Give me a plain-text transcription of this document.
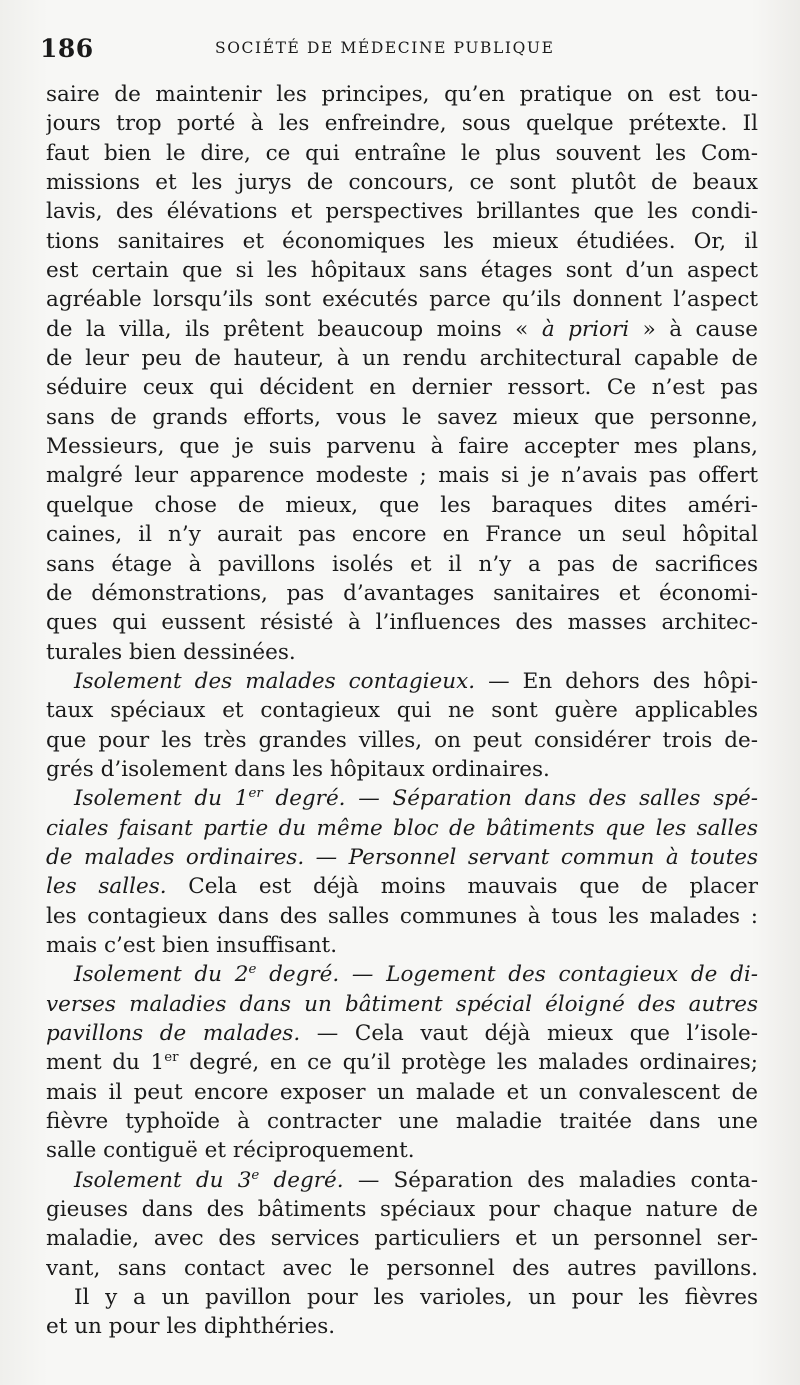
186	SOCIÉTÉ DE MÉDECINE PUBLIQUE
saire de maintenir les principes, qu’en pratique on est tou-
jours trop porté à les enfreindre, sous quelque prétexte. Il
faut bien le dire, ce qui entraîne le plus souvent les Com-
missions et les jurys de concours, ce sont plutôt de beaux
lavis, des élévations et perspectives brillantes que les condi-
tions sanitaires et économiques les mieux étudiées. Or, il
est certain que si les hôpitaux sans étages sont d’un aspect
agréable lorsqu’ils sont exécutés parce qu’ils donnent l’aspect
de la villa, ils prêtent beaucoup moins « à priori » à cause
de leur peu de hauteur, à un rendu architectural capable de
séduire ceux qui décident en dernier ressort. Ce n’est pas
sans de grands efforts, vous le savez mieux que personne,
Messieurs, que je suis parvenu à faire accepter mes plans,
malgré leur apparence modeste ; mais si je n’avais pas offert
quelque chose de mieux, que les baraques dites améri-
caines, il n’y aurait pas encore en France un seul hôpital
sans étage à pavillons isolés et il n’y a pas de sacrifices
de démonstrations, pas d’avantages sanitaires et économi-
ques qui eussent résisté à l’influences des masses architec-
turales bien dessinées.
Isolement des malades contagieux. — En dehors des hôpi-
taux spéciaux et contagieux qui ne sont guère applicables
que pour les très grandes villes, on peut considérer trois de-
grés d’isolement dans les hôpitaux ordinaires.
Isolement du 1er degré. — Séparation dans des salles spé-
ciales faisant partie du même bloc de bâtiments que les salles
de malades ordinaires. — Personnel servant commun à toutes
les salles. Cela est déjà moins mauvais que de placer
les contagieux dans des salles communes à tous les malades :
mais c’est bien insuffisant.
Isolement du 2e degré. — Logement des contagieux de di-
verses maladies dans un bâtiment spécial éloigné des autres
pavillons de malades. — Cela vaut déjà mieux que l’isole-
ment du 1er degré, en ce qu’il protège les malades ordinaires;
mais il peut encore exposer un malade et un convalescent de
fièvre typhoïde à contracter une maladie traitée dans une
salle contiguë et réciproquement.
Isolement du 3e degré. — Séparation des maladies conta-
gieuses dans des bâtiments spéciaux pour chaque nature de
maladie, avec des services particuliers et un personnel ser-
vant, sans contact avec le personnel des autres pavillons.
Il y a un pavillon pour les varioles, un pour les fièvres
et un pour les diphthéries.
